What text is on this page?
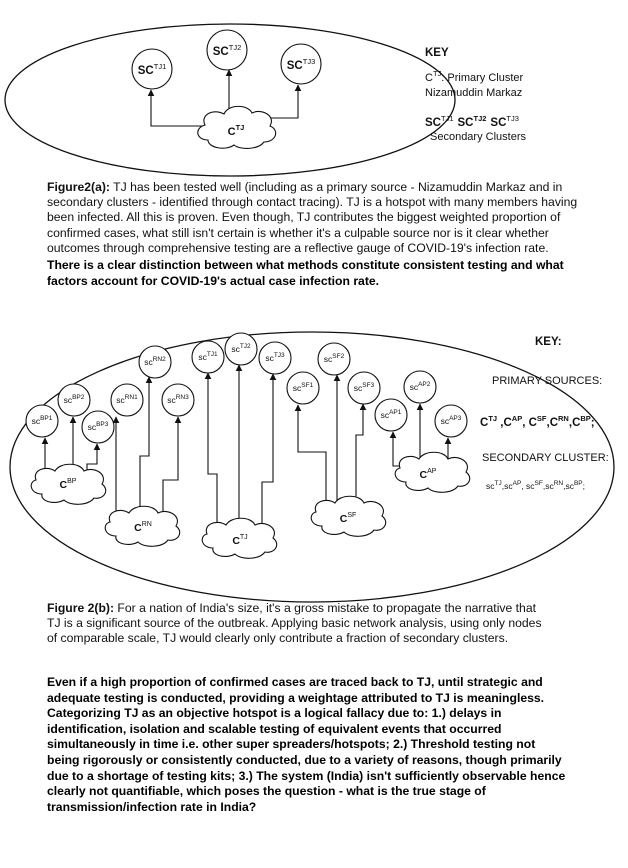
$SC^{TJ1}$
$SC^{TJ2}$
$SC^{TJ3}$
$C^{TJ}$
KEY
$C^{TJ}$: Primary Cluster
Nizamuddin Markaz
$SC^{TJ1}$ $SC^{TJ2}$ $SC^{TJ3}$
Secondary Clusters
$sc^{BP1}$
$sc^{BP2}$
$sc^{BP3}$
$sc^{RN1}$
$sc^{RN2}$
$sc^{RN3}$
$sc^{TJ1}$
$sc^{TJ2}$
$sc^{TJ3}$
$sc^{SF1}$
$sc^{SF2}$
$sc^{SF3}$
$sc^{AP1}$
$sc^{AP2}$
$sc^{AP3}$
$C^{BP}$
$C^{RN}$
$C^{TJ}$
$C^{SF}$
$C^{AP}$
KEY:
PRIMARY SOURCES:
$C^{TJ}$ $,C^{AP}$, $C^{SF},C^{RN},C^{BP}$;
SECONDARY CLUSTER:
$sc^{TJ},sc^{AP}$, $sc^{SF},sc^{RN},sc^{BP}$;
Figure2(a): TJ has been tested well (including as a primary source - Nizamuddin Markaz and in secondary clusters - identified through contact tracing). TJ is a hotspot with many members having been infected. All this is proven. Even though, TJ contributes the biggest weighted proportion of confirmed cases, what still isn't certain is whether it's a culpable source nor is it clear whether outcomes through comprehensive testing are a reflective gauge of COVID-19's infection rate.
There is a clear distinction between what methods constitute consistent testing and what factors account for COVID-19's actual case infection rate.
Figure 2(b): For a nation of India's size, it's a gross mistake to propagate the narrative that TJ is a significant source of the outbreak. Applying basic network analysis, using only nodes of comparable scale, TJ would clearly only contribute a fraction of secondary clusters.
Even if a high proportion of confirmed cases are traced back to TJ, until strategic and adequate testing is conducted, providing a weightage attributed to TJ is meaningless. Categorizing TJ as an objective hotspot is a logical fallacy due to: 1.) delays in identification, isolation and scalable testing of equivalent events that occurred simultaneously in time i.e. other super spreaders/hotspots; 2.) Threshold testing not being rigorously or consistently conducted, due to a variety of reasons, though primarily due to a shortage of testing kits; 3.) The system (India) isn't sufficiently observable hence clearly not quantifiable, which poses the question - what is the true stage of transmission/infection rate in India?
